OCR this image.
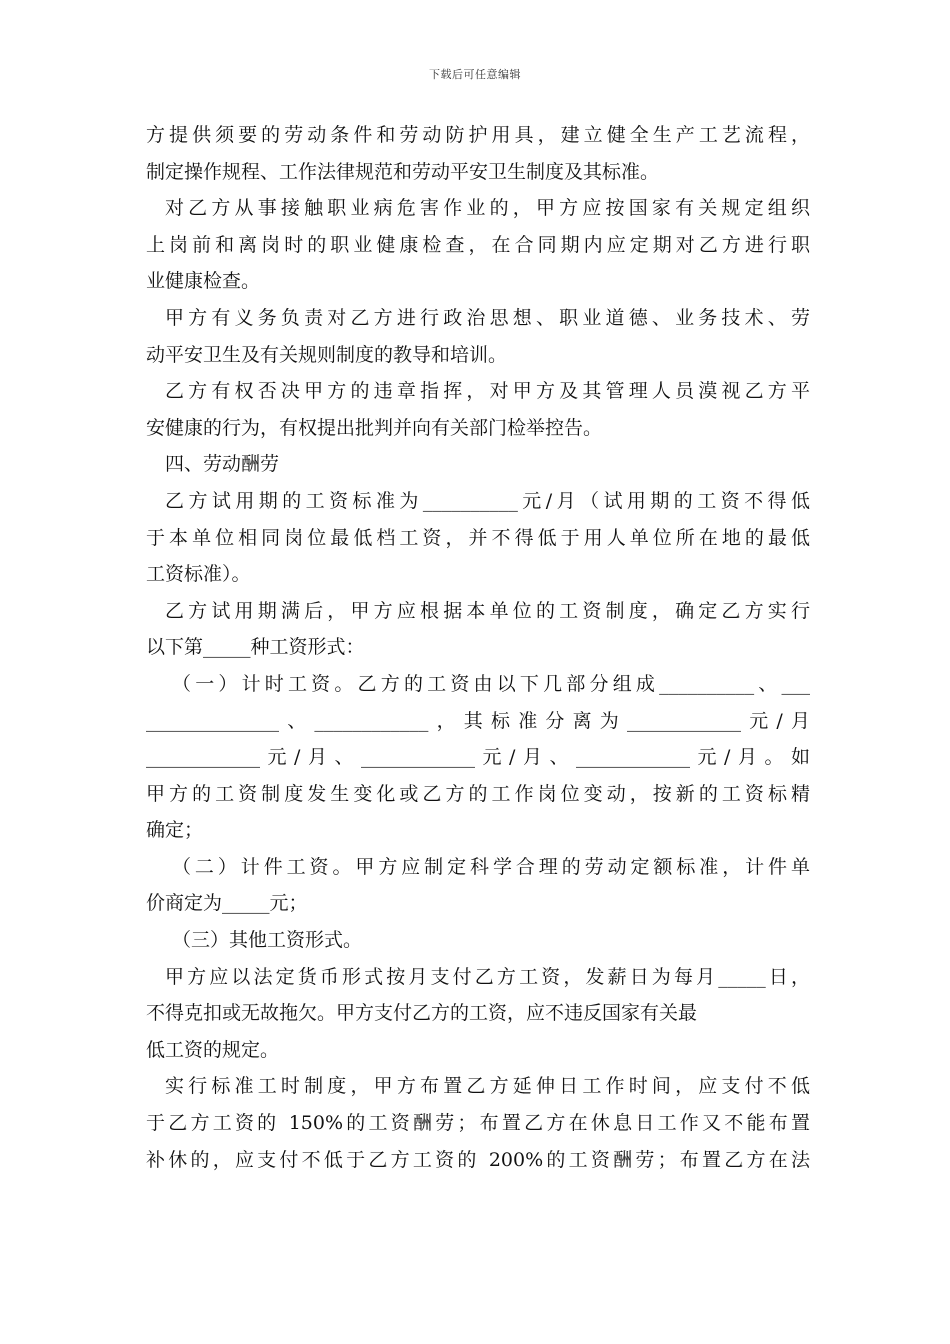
下载后可任意编辑
方提供须要的劳动条件和劳动防护用具，建立健全生产工艺流程，
制定操作规程、工作法律规范和劳动平安卫生制度及其标准。
对乙方从事接触职业病危害作业的，甲方应按国家有关规定组织
上岗前和离岗时的职业健康检查，在合同期内应定期对乙方进行职
业健康检查。
甲方有义务负责对乙方进行政治思想、职业道德、业务技术、劳
动平安卫生及有关规则制度的教导和培训。
乙方有权否决甲方的违章指挥，对甲方及其管理人员漠视乙方平
安健康的行为，有权提出批判并向有关部门检举控告。
四、劳动酬劳
乙方试用期的工资标准为__________元/月（试用期的工资不得低
于本单位相同岗位最低档工资，并不得低于用人单位所在地的最低
工资标准）。
乙方试用期满后，甲方应根据本单位的工资制度，确定乙方实行
以下第_____种工资形式：
（一）计时工资。乙方的工资由以下几部分组成__________、___
______________、____________，其标准分离为____________元/月
____________元/月、____________元/月、____________元/月。如
甲方的工资制度发生变化或乙方的工作岗位变动，按新的工资标精
确定；
（二）计件工资。甲方应制定科学合理的劳动定额标准，计件单
价商定为_____元；
（三）其他工资形式。
甲方应以法定货币形式按月支付乙方工资，发薪日为每月_____日，
不得克扣或无故拖欠。甲方支付乙方的工资，应不违反国家有关最
低工资的规定。
实行标准工时制度，甲方布置乙方延伸日工作时间，应支付不低
于乙方工资的 150%的工资酬劳；布置乙方在休息日工作又不能布置
补休的，应支付不低于乙方工资的 200%的工资酬劳；布置乙方在法
